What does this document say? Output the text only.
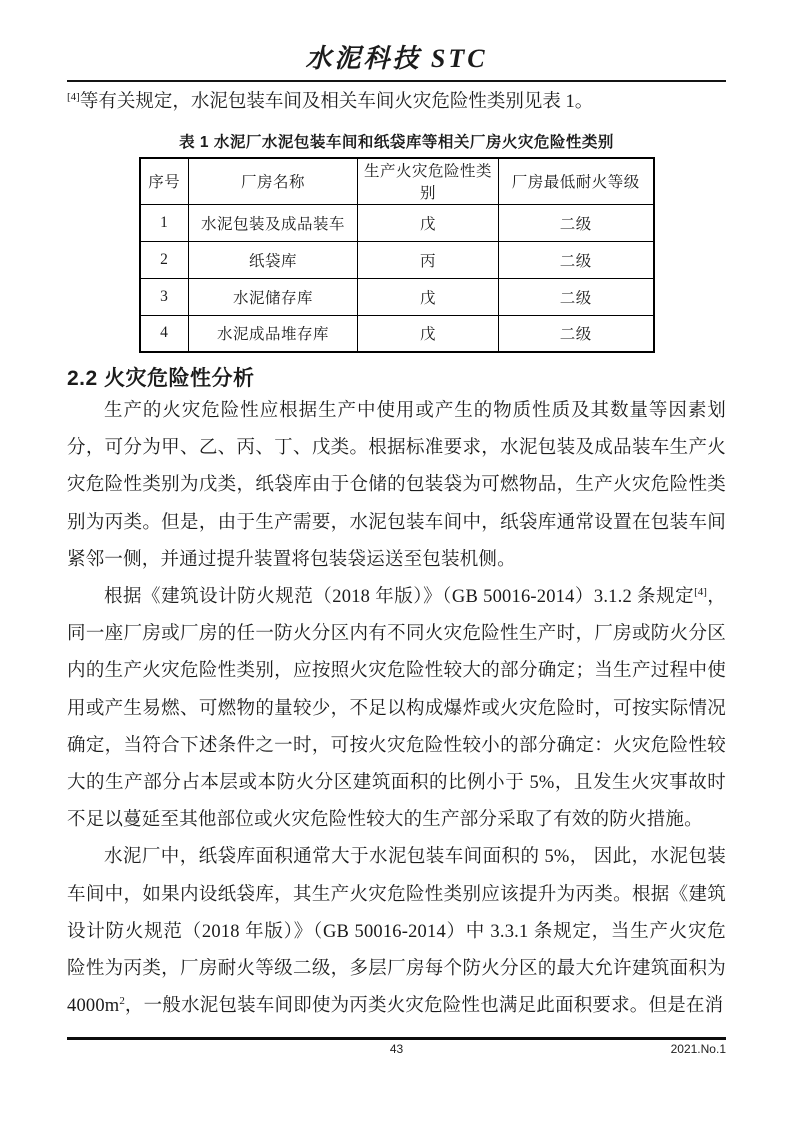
水泥科技 STC

[4]等有关规定，水泥包装车间及相关车间火灾危险性类别见表 1。

表 1 水泥厂水泥包装车间和纸袋库等相关厂房火灾危险性类别
序号	厂房名称	生产火灾危险性类别	厂房最低耐火等级
1	水泥包装及成品装车	戊	二级
2	纸袋库	丙	二级
3	水泥储存库	戊	二级
4	水泥成品堆存库	戊	二级
2.2 火灾危险性分析

生产的火灾危险性应根据生产中使用或产生的物质性质及其数量等因素划分，可分为甲、乙、丙、丁、戊类。根据标准要求，水泥包装及成品装车生产火灾危险性类别为戊类，纸袋库由于仓储的包装袋为可燃物品，生产火灾危险性类别为丙类。但是，由于生产需要，水泥包装车间中，纸袋库通常设置在包装车间紧邻一侧，并通过提升装置将包装袋运送至包装机侧。

根据《建筑设计防火规范（2018 年版）》（GB 50016-2014）3.1.2 条规定[4]，同一座厂房或厂房的任一防火分区内有不同火灾危险性生产时，厂房或防火分区内的生产火灾危险性类别，应按照火灾危险性较大的部分确定；当生产过程中使用或产生易燃、可燃物的量较少，不足以构成爆炸或火灾危险时，可按实际情况确定，当符合下述条件之一时，可按火灾危险性较小的部分确定：火灾危险性较大的生产部分占本层或本防火分区建筑面积的比例小于 5%，且发生火灾事故时不足以蔓延至其他部位或火灾危险性较大的生产部分采取了有效的防火措施。

水泥厂中，纸袋库面积通常大于水泥包装车间面积的 5%， 因此，水泥包装车间中，如果内设纸袋库，其生产火灾危险性类别应该提升为丙类。根据《建筑设计防火规范（2018 年版）》（GB 50016-2014）中 3.3.1 条规定，当生产火灾危险性为丙类，厂房耐火等级二级，多层厂房每个防火分区的最大允许建筑面积为4000m$^2$，一般水泥包装车间即使为丙类火灾危险性也满足此面积要求。但是在消

43	2021.No.1
